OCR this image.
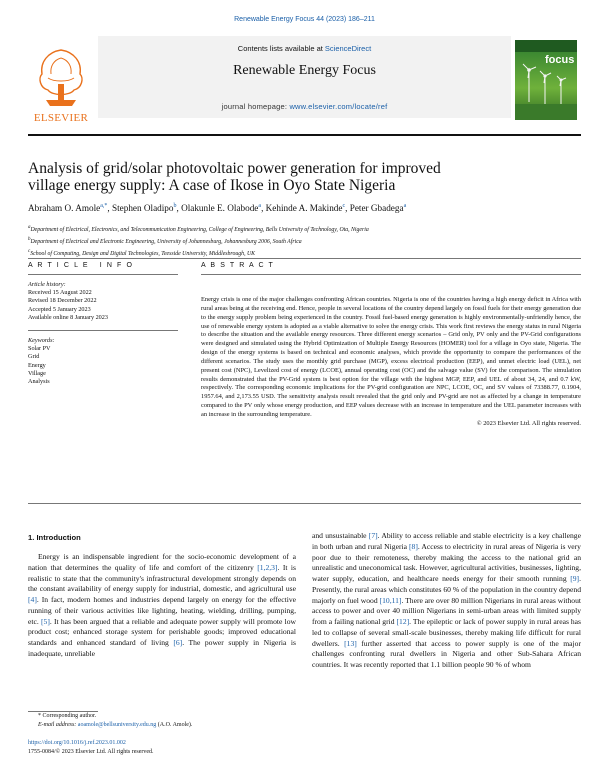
Renewable Energy Focus 44 (2023) 186–211
ELSEVIER
Contents lists available at ScienceDirect
Renewable Energy Focus
journal homepage: www.elsevier.com/locate/ref
focus
Analysis of grid/solar photovoltaic power generation for improved
village energy supply: A case of Ikose in Oyo State Nigeria
Abraham O. Amole$^{a,*}$, Stephen Oladipo$^b$, Olakunle E. Olabode$^a$, Kehinde A. Makinde$^c$, Peter Gbadega$^a$
$^a$Department of Electrical, Electronics, and Telecommunication Engineering, College of Engineering, Bells University of Technology, Ota, Nigeria
$^b$Department of Electrical and Electronic Engineering, University of Johannesburg, Johannesburg 2006, South Africa
$^c$School of Computing, Design and Digital Technologies, Teesside University, Middlesbrough, UK
A R T I C L E   I N F O
Article history:
Received 15 August 2022
Revised 18 December 2022
Accepted 5 January 2023
Available online 8 January 2023
Keywords:
Solar PV
Grid
Energy
Village
Analysis
A B S T R A C T
Energy crisis is one of the major challenges confronting African countries. Nigeria is one of the countries having a high energy deficit in Africa with rural areas being at the receiving end. Hence, people in several locations of the country depend largely on fossil fuels for their energy generation due to the energy supply problem being experienced in the country. Fossil fuel-based energy generation is highly environmentally-unfriendly hence, the use of renewable energy system is adopted as a viable alternative to solve the energy crisis. This work first reviews the energy status in rural Nigeria to describe the situation and the available energy resources. Three different energy scenarios – Grid only, PV only and the PV-Grid configurations were designed and simulated using the Hybrid Optimization of Multiple Energy Resources (HOMER) tool for a village in Oyo state, Nigeria. The design of the energy systems is based on technical and economic analyses, which provide the opportunity to compare the performances of the different scenarios. The study uses the monthly grid purchase (MGP), excess electrical production (EEP), and unmet electric load (UEL), net present cost (NPC), Levelized cost of energy (LCOE), annual operating cost (OC) and the salvage value (SV) for the comparison. The simulation results demonstrated that the PV-Grid system is best option for the village with the highest MGP, EEP, and UEL of about 34, 24, and 0.7 kW, respectively. The corresponding economic implications for the PV-grid configuration are NPC, LCOE, OC, and SV values of 73388.77, 0.1904, 1957.64, and 2,173.55 USD. The sensitivity analysis result revealed that the grid only and PV-grid are not as affected by a change in temperature compared to the PV only whose energy production, and EEP values decrease with an increase in temperature and the UEL parameter increases with an increase in the surrounding temperature.
© 2023 Elsevier Ltd. All rights reserved.
1. Introduction
Energy is an indispensable ingredient for the socio-economic development of a nation that determines the quality of life and comfort of the citizenry [1,2,3]. It is realistic to state that the community's infrastructural development strongly depends on the constant availability of energy supply for industrial, domestic, and agricultural use [4]. In fact, modern homes and industries depend largely on energy for the effective running of their various activities like lighting, heating, wielding, drilling, pumping, etc. [5]. It has been argued that a reliable and adequate power supply will promote low product cost; enhanced storage system for perishable goods; improved educational standards and enhanced standard of living [6]. The power supply in Nigeria is inadequate, unreliable
and unsustainable [7]. Ability to access reliable and stable electricity is a key challenge in both urban and rural Nigeria [8]. Access to electricity in rural areas of Nigeria is very poor due to their remoteness, thereby making the access to the national grid an unrealistic and uneconomical task. However, agricultural activities, businesses, lighting, water supply, education, and healthcare needs energy for their smooth running [9]. Presently, the rural areas which constitutes 60 % of the population in the country depend majorly on fuel wood [10,11]. There are over 80 million Nigerians in rural areas without access to power and over 40 million Nigerians in semi-urban areas with limited supply from a failing national grid [12]. The epileptic or lack of power supply in rural areas has led to collapse of several small-scale businesses, thereby making life difficult for rural dwellers. [13] further asserted that access to power supply is one of the major challenges confronting rural dwellers in Nigeria and other Sub-Sahara African countries. It was recently reported that 1.1 billion people 90 % of whom
* Corresponding author.
E-mail address: aoamole@bellsuniversity.edu.ng (A.O. Amole).
https://doi.org/10.1016/j.ref.2023.01.002
1755-0084/© 2023 Elsevier Ltd. All rights reserved.
